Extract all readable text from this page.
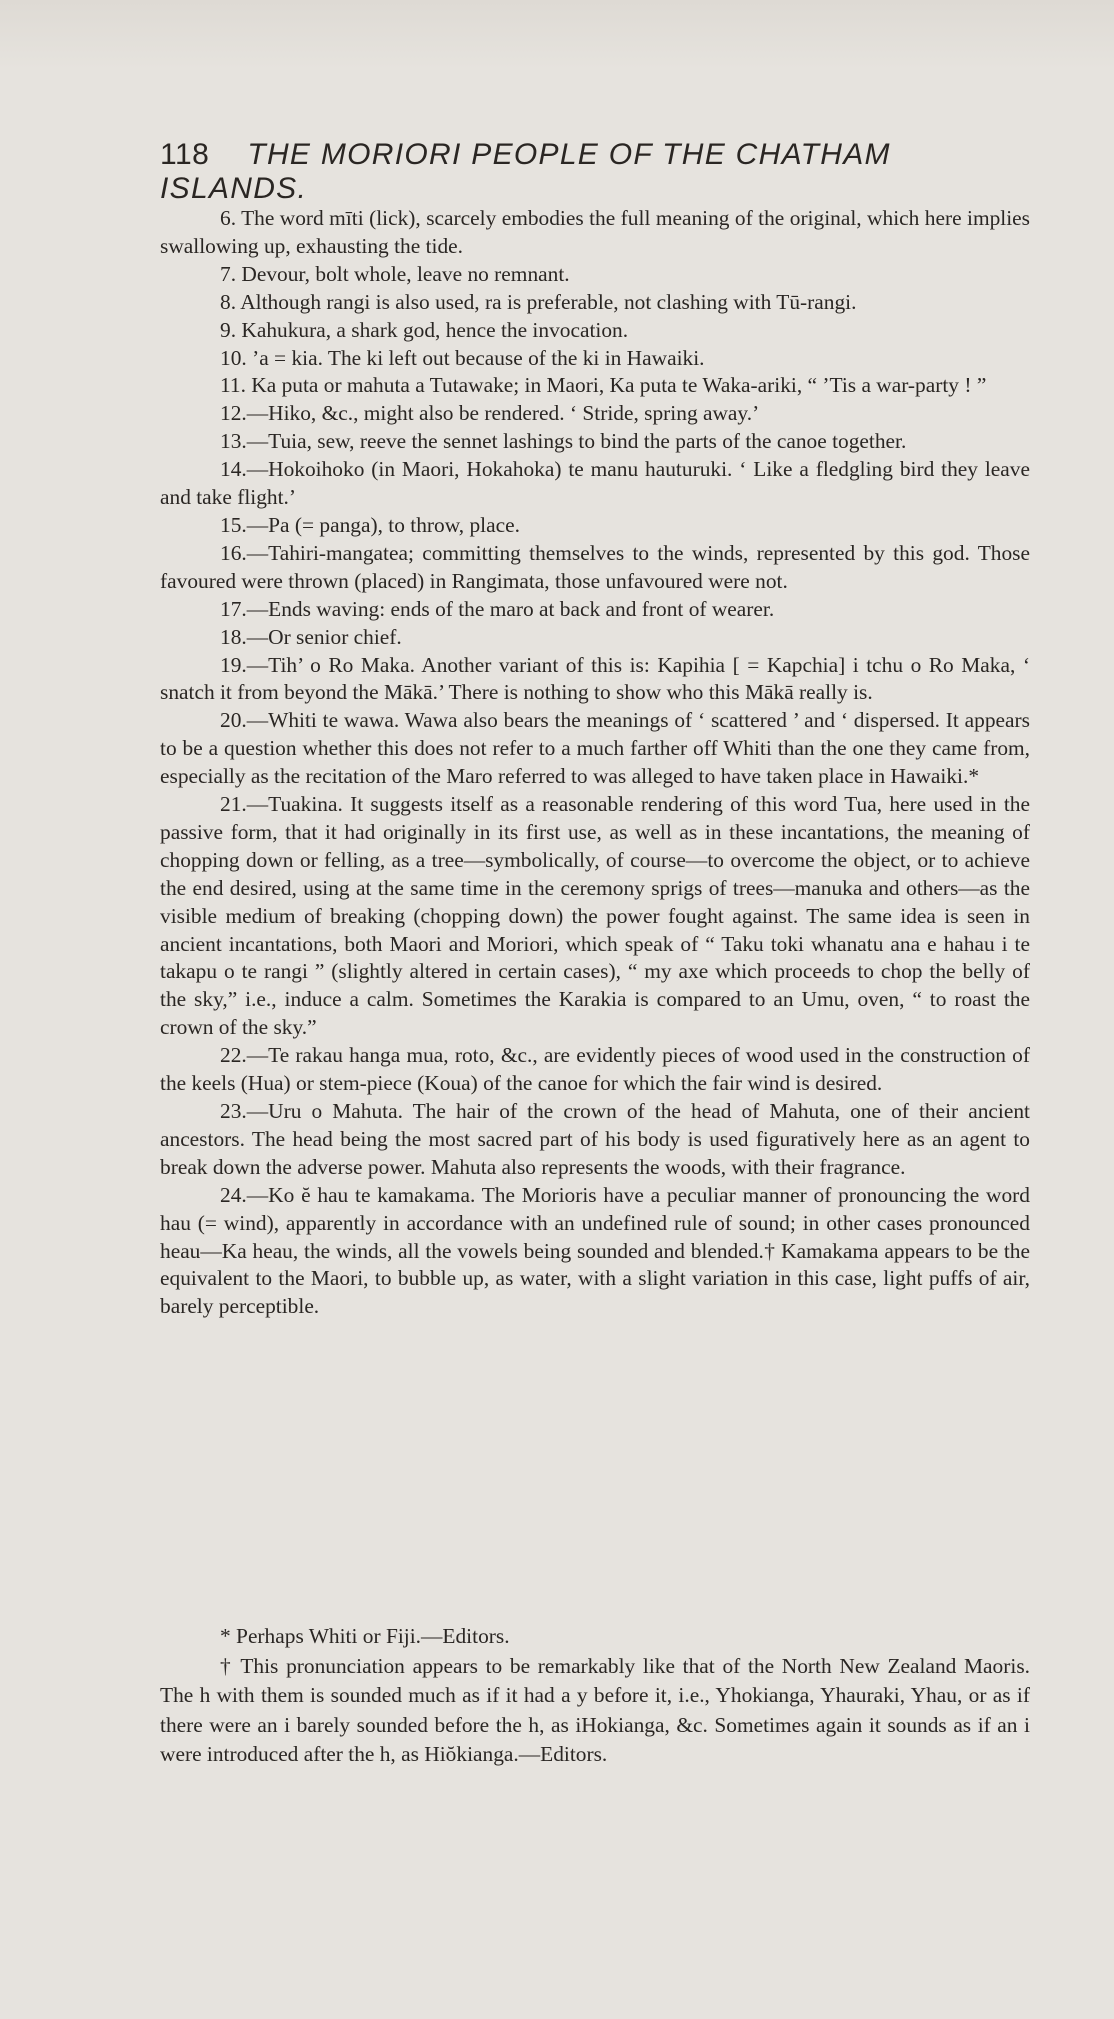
118 THE MORIORI PEOPLE OF THE CHATHAM ISLANDS.

6. The word mīti (lick), scarcely embodies the full meaning of the original, which here implies swallowing up, exhausting the tide.

7. Devour, bolt whole, leave no remnant.

8. Although rangi is also used, ra is preferable, not clashing with Tū-rangi.

9. Kahukura, a shark god, hence the invocation.

10. ’a = kia. The ki left out because of the ki in Hawaiki.

11. Ka puta or mahuta a Tutawake; in Maori, Ka puta te Waka-ariki, “ ’Tis a war-party ! ”

12.—Hiko, &c., might also be rendered. ‘ Stride, spring away.’

13.—Tuia, sew, reeve the sennet lashings to bind the parts of the canoe together.

14.—Hokoihoko (in Maori, Hokahoka) te manu hauturuki. ‘ Like a fledgling bird they leave and take flight.’

15.—Pa (= panga), to throw, place.

16.—Tahiri-mangatea; committing themselves to the winds, represented by this god. Those favoured were thrown (placed) in Rangimata, those unfavoured were not.

17.—Ends waving: ends of the maro at back and front of wearer.

18.—Or senior chief.

19.—Tih’ o Ro Maka. Another variant of this is: Kapihia [ = Kapchia] i tchu o Ro Maka, ‘ snatch it from beyond the Mākā.’ There is nothing to show who this Mākā really is.

20.—Whiti te wawa. Wawa also bears the meanings of ‘ scattered ’ and ‘ dispersed. It appears to be a question whether this does not refer to a much farther off Whiti than the one they came from, especially as the recitation of the Maro referred to was alleged to have taken place in Hawaiki.*

21.—Tuakina. It suggests itself as a reasonable rendering of this word Tua, here used in the passive form, that it had originally in its first use, as well as in these incantations, the meaning of chopping down or felling, as a tree—symbolically, of course—to overcome the object, or to achieve the end desired, using at the same time in the ceremony sprigs of trees—manuka and others—as the visible medium of breaking (chopping down) the power fought against. The same idea is seen in ancient incantations, both Maori and Moriori, which speak of “ Taku toki whanatu ana e hahau i te takapu o te rangi ” (slightly altered in certain cases), “ my axe which proceeds to chop the belly of the sky,” i.e., induce a calm. Sometimes the Karakia is compared to an Umu, oven, “ to roast the crown of the sky.”

22.—Te rakau hanga mua, roto, &c., are evidently pieces of wood used in the construction of the keels (Hua) or stem-piece (Koua) of the canoe for which the fair wind is desired.

23.—Uru o Mahuta. The hair of the crown of the head of Mahuta, one of their ancient ancestors. The head being the most sacred part of his body is used figuratively here as an agent to break down the adverse power. Mahuta also represents the woods, with their fragrance.

24.—Ko ĕ hau te kamakama. The Morioris have a peculiar manner of pronouncing the word hau (= wind), apparently in accordance with an undefined rule of sound; in other cases pronounced heau—Ka heau, the winds, all the vowels being sounded and blended.† Kamakama appears to be the equivalent to the Maori, to bubble up, as water, with a slight variation in this case, light puffs of air, barely perceptible.

* Perhaps Whiti or Fiji.—Editors.

† This pronunciation appears to be remarkably like that of the North New Zealand Maoris. The h with them is sounded much as if it had a y before it, i.e., Yhokianga, Yhauraki, Yhau, or as if there were an i barely sounded before the h, as iHokianga, &c. Sometimes again it sounds as if an i were introduced after the h, as Hiŏkianga.—Editors.
